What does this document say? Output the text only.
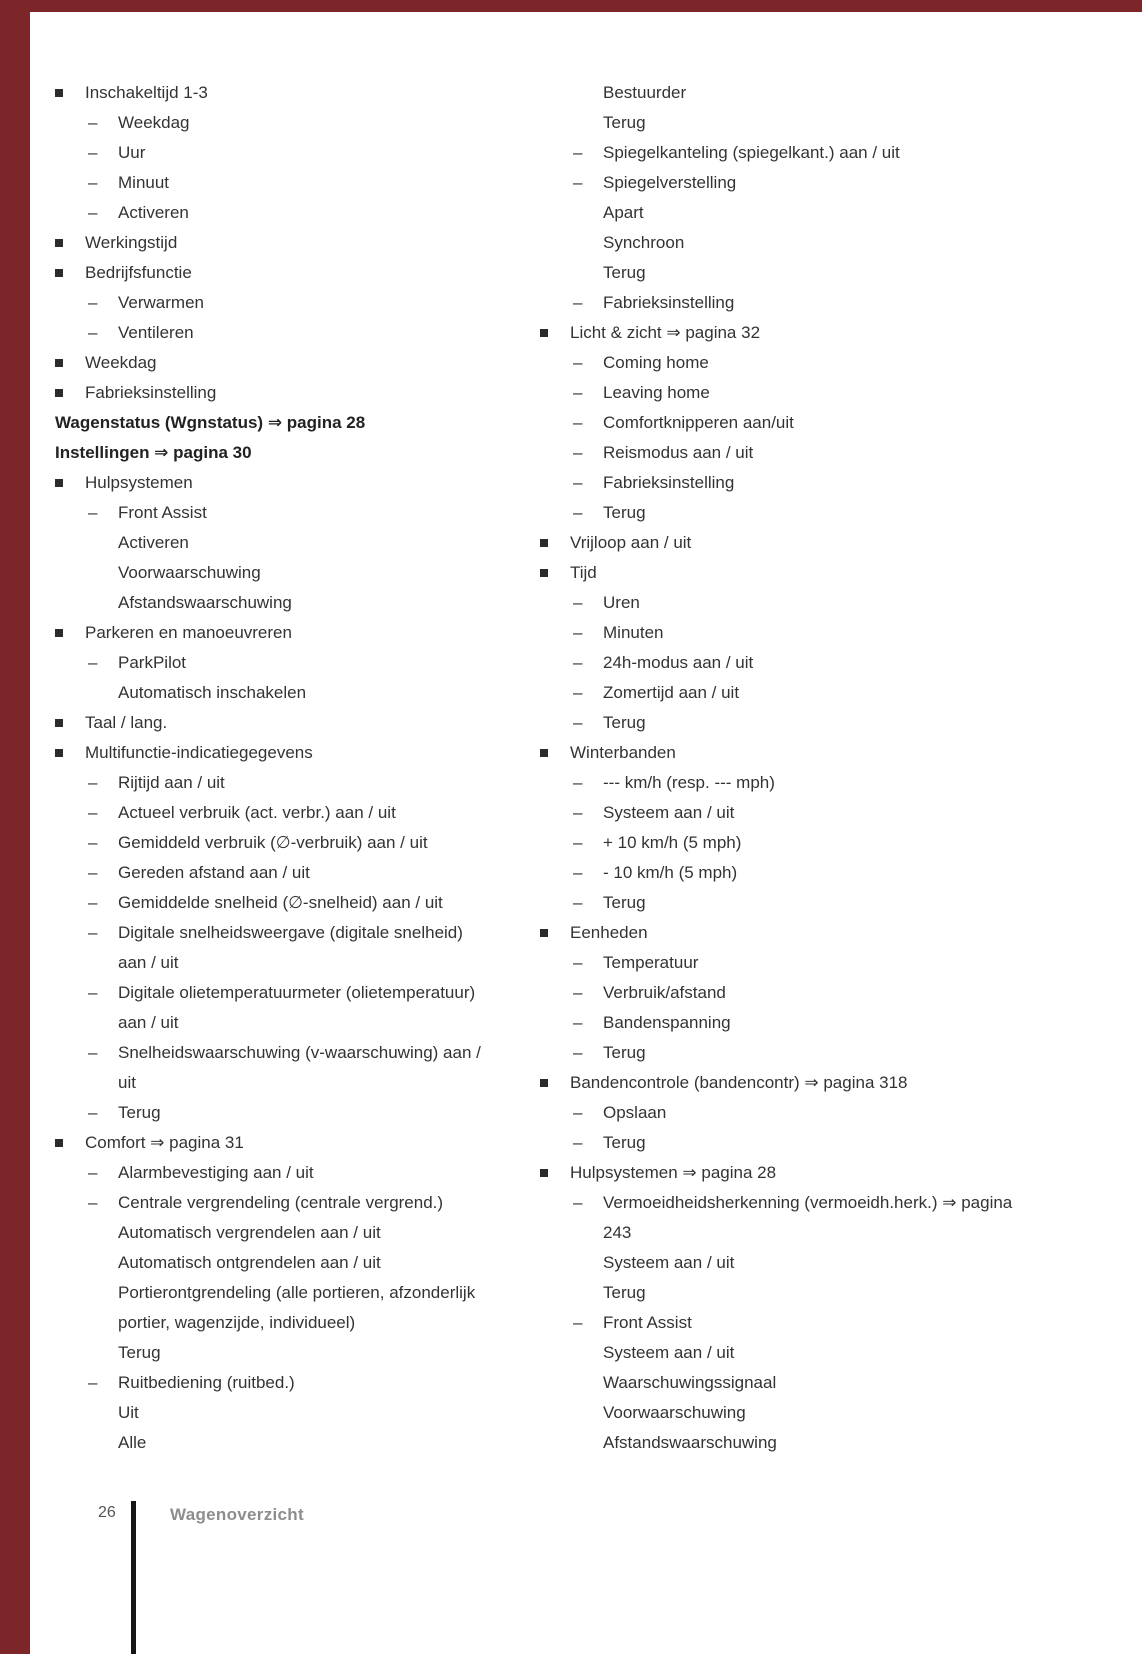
Inschakeltijd 1-3
–	Weekdag
–	Uur
–	Minuut
–	Activeren
Werkingstijd
Bedrijfsfunctie
–	Verwarmen
–	Ventileren
Weekdag
Fabrieksinstelling
Wagenstatus (Wgnstatus) ⇒ pagina 28
Instellingen ⇒ pagina 30
Hulpsystemen
–	Front Assist
Activeren
Voorwaarschuwing
Afstandswaarschuwing
Parkeren en manoeuvreren
–	ParkPilot
Automatisch inschakelen
Taal / lang.
Multifunctie-indicatiegegevens
–	Rijtijd aan / uit
–	Actueel verbruik (act. verbr.) aan / uit
–	Gemiddeld verbruik (∅-verbruik) aan / uit
–	Gereden afstand aan / uit
–	Gemiddelde snelheid (∅-snelheid) aan / uit
–	Digitale snelheidsweergave (digitale snelheid) aan / uit
–	Digitale olietemperatuurmeter (olietemperatuur) aan / uit
–	Snelheidswaarschuwing (v-waarschuwing) aan / uit
–	Terug
Comfort ⇒ pagina 31
–	Alarmbevestiging aan / uit
–	Centrale vergrendeling (centrale vergrend.)
Automatisch vergrendelen aan / uit
Automatisch ontgrendelen aan / uit
Portierontgrendeling (alle portieren, afzonderlijk portier, wagenzijde, individueel)
Terug
–	Ruitbediening (ruitbed.)
Uit
Alle
Bestuurder
Terug
–	Spiegelkanteling (spiegelkant.) aan / uit
–	Spiegelverstelling
Apart
Synchroon
Terug
–	Fabrieksinstelling
Licht & zicht ⇒ pagina 32
–	Coming home
–	Leaving home
–	Comfortknipperen aan/uit
–	Reismodus aan / uit
–	Fabrieksinstelling
–	Terug
Vrijloop aan / uit
Tijd
–	Uren
–	Minuten
–	24h-modus aan / uit
–	Zomertijd aan / uit
–	Terug
Winterbanden
–	--- km/h (resp. --- mph)
–	Systeem aan / uit
–	+ 10 km/h (5 mph)
–	- 10 km/h (5 mph)
–	Terug
Eenheden
–	Temperatuur
–	Verbruik/afstand
–	Bandenspanning
–	Terug
Bandencontrole (bandencontr) ⇒ pagina 318
–	Opslaan
–	Terug
Hulpsystemen ⇒ pagina 28
–	Vermoeidheidsherkenning (vermoeidh.herk.) ⇒ pagina 243
Systeem aan / uit
Terug
–	Front Assist
Systeem aan / uit
Waarschuwingssignaal
Voorwaarschuwing
Afstandswaarschuwing
26	Wagenoverzicht
